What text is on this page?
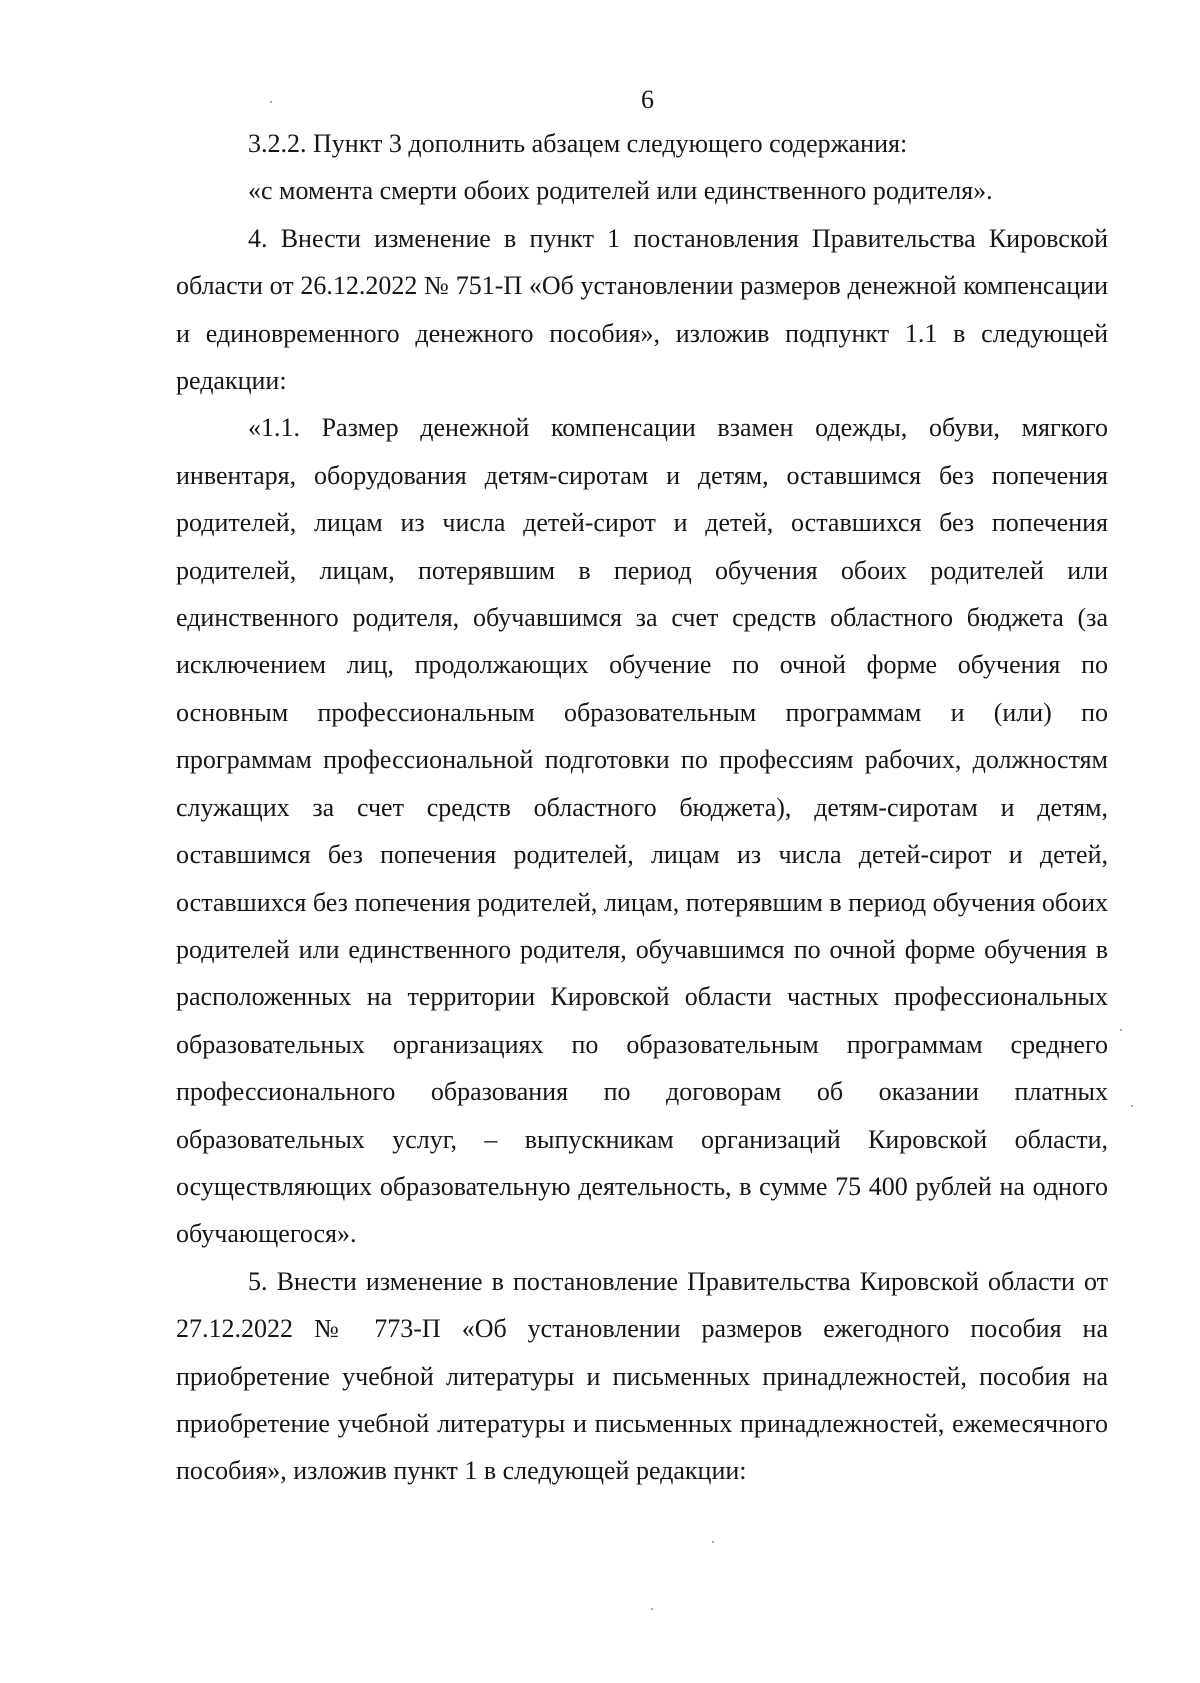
6

3.2.2. Пункт 3 дополнить абзацем следующего содержания:

«с момента смерти обоих родителей или единственного родителя».

4. Внести изменение в пункт 1 постановления Правительства Кировской области от 26.12.2022 № 751-П «Об установлении размеров денежной компенсации и единовременного денежного пособия», изложив подпункт 1.1 в следующей редакции:

«1.1. Размер денежной компенсации взамен одежды, обуви, мягкого инвентаря, оборудования детям-сиротам и детям, оставшимся без попечения родителей, лицам из числа детей-сирот и детей, оставшихся без попечения родителей, лицам, потерявшим в период обучения обоих родителей или единственного родителя, обучавшимся за счет средств областного бюджета (за исключением лиц, продолжающих обучение по очной форме обучения по основным профессиональным образовательным программам и (или) по программам профессиональной подготовки по профессиям рабочих, должностям служащих за счет средств областного бюджета), детям-сиротам и детям, оставшимся без попечения родителей, лицам из числа детей-сирот и детей, оставшихся без попечения родителей, лицам, потерявшим в период обучения обоих родителей или единственного родителя, обучавшимся по очной форме обучения в расположенных на территории Кировской области частных профессиональных образовательных организациях по образовательным программам среднего профессионального образования по договорам об оказании платных образовательных услуг, – выпускникам организаций Кировской области, осуществляющих образовательную деятельность, в сумме 75 400 рублей на одного обучающегося».

5. Внести изменение в постановление Правительства Кировской области от 27.12.2022 № 773-П «Об установлении размеров ежегодного пособия на приобретение учебной литературы и письменных принадлежностей, пособия на приобретение учебной литературы и письменных принадлежностей, ежемесячного пособия», изложив пункт 1 в следующей редакции:
